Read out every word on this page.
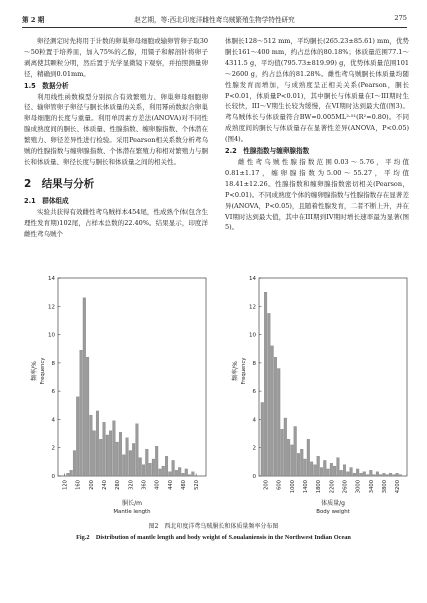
第 2 期	赵艺期，等:西北印度洋雌性鸢乌贼繁殖生物学特性研究	275

卵径测定时先将用于计数的卵巢卵母细胞或输卵管卵子取30～50粒置于培养皿，加入75%的乙醇，用镊子和解剖针将卵子剥离使其颗粒分明，然后置于光学显微镜下观察，并拍照测量卵径，精确到0.01mm。

1.5　数据分析

利用线性函数模型分别拟合有效繁殖力、卵巢卵母细胞卵径、输卵管卵子卵径与胴长体质量的关系，利用幂函数拟合卵巢卵母细胞的长度与重量。利用单因素方差法(ANOVA)对不同性腺成熟度间的胴长、体质量、性腺指数、缠卵腺指数、个体潜在繁殖力、卵径差异性进行检验。采用Pearson相关系数分析鸢乌贼的性腺指数与缠卵腺指数、个体潜在繁殖力和相对繁殖力与胴长和体质量、卵径长度与胴长和体质量之间的相关性。

2　结果与分析

2.1　群体组成

实验共获得有效雌性鸢乌贼样本454尾，性成熟个体(包含生理性发育期)102尾，占样本总数的22.40%。结果显示，印度洋雌性鸢乌贼个

体胴长128～512 mm，平均胴长(265.23±85.61) mm，优势胴长161～400 mm，约占总体的80.18%；体质量范围77.1～4311.5 g，平均值(795.73±819.99) g，优势体质量范围101～2600 g，约占总体的81.28%。雌性鸢乌贼胴长体质量均随性腺发育而增加，与成熟度呈正相关关系(Pearson，胴长P<0.01，体质量P<0.01)，其中胴长与体质量在I～III期时生长较快，III～V期生长较为缓慢，在VI期时达到最大值(图3)。鸢乌贼体长与体质量符合BW=0.005ML²·⁵¹(R²=0.80)。不同成熟度间的胴长与体质量存在显著性差异(ANOVA，P<0.05)(图4)。

2.2　性腺指数与缠卵腺指数

雌性鸢乌贼性腺指数范围0.03～5.76，平均值0.81±1.17，缠卵腺指数为5.00～55.27，平均值18.41±12.26。性腺指数和缠卵腺指数密切相关(Pearson，P<0.01)。不同成熟度个体的缠卵腺指数与性腺指数存在显著差异(ANOVA，P<0.05)，且随着性腺发育，二者不断上升，并在VI期时达到最大值，其中在III期到IV期时增长速率最为显著(图5)。

0
2
4
6
8
10
12
14
120 160 200 240 280 320 360 400 440 480 520
频率/% Frequency
胴长/m
Mantle length
0
2
4
6
8
10
12
14
200 600 1000 1400 1800 2200 2600 3000 3400 3800 4200
频率/% Frequency
体质量/g
Body weight
图2　西北印度洋鸢乌贼胴长和体质量频率分布图
Fig.2　Distribution of mantle length and body weight of S.oualaniensis in the Northwest Indian Ocean
